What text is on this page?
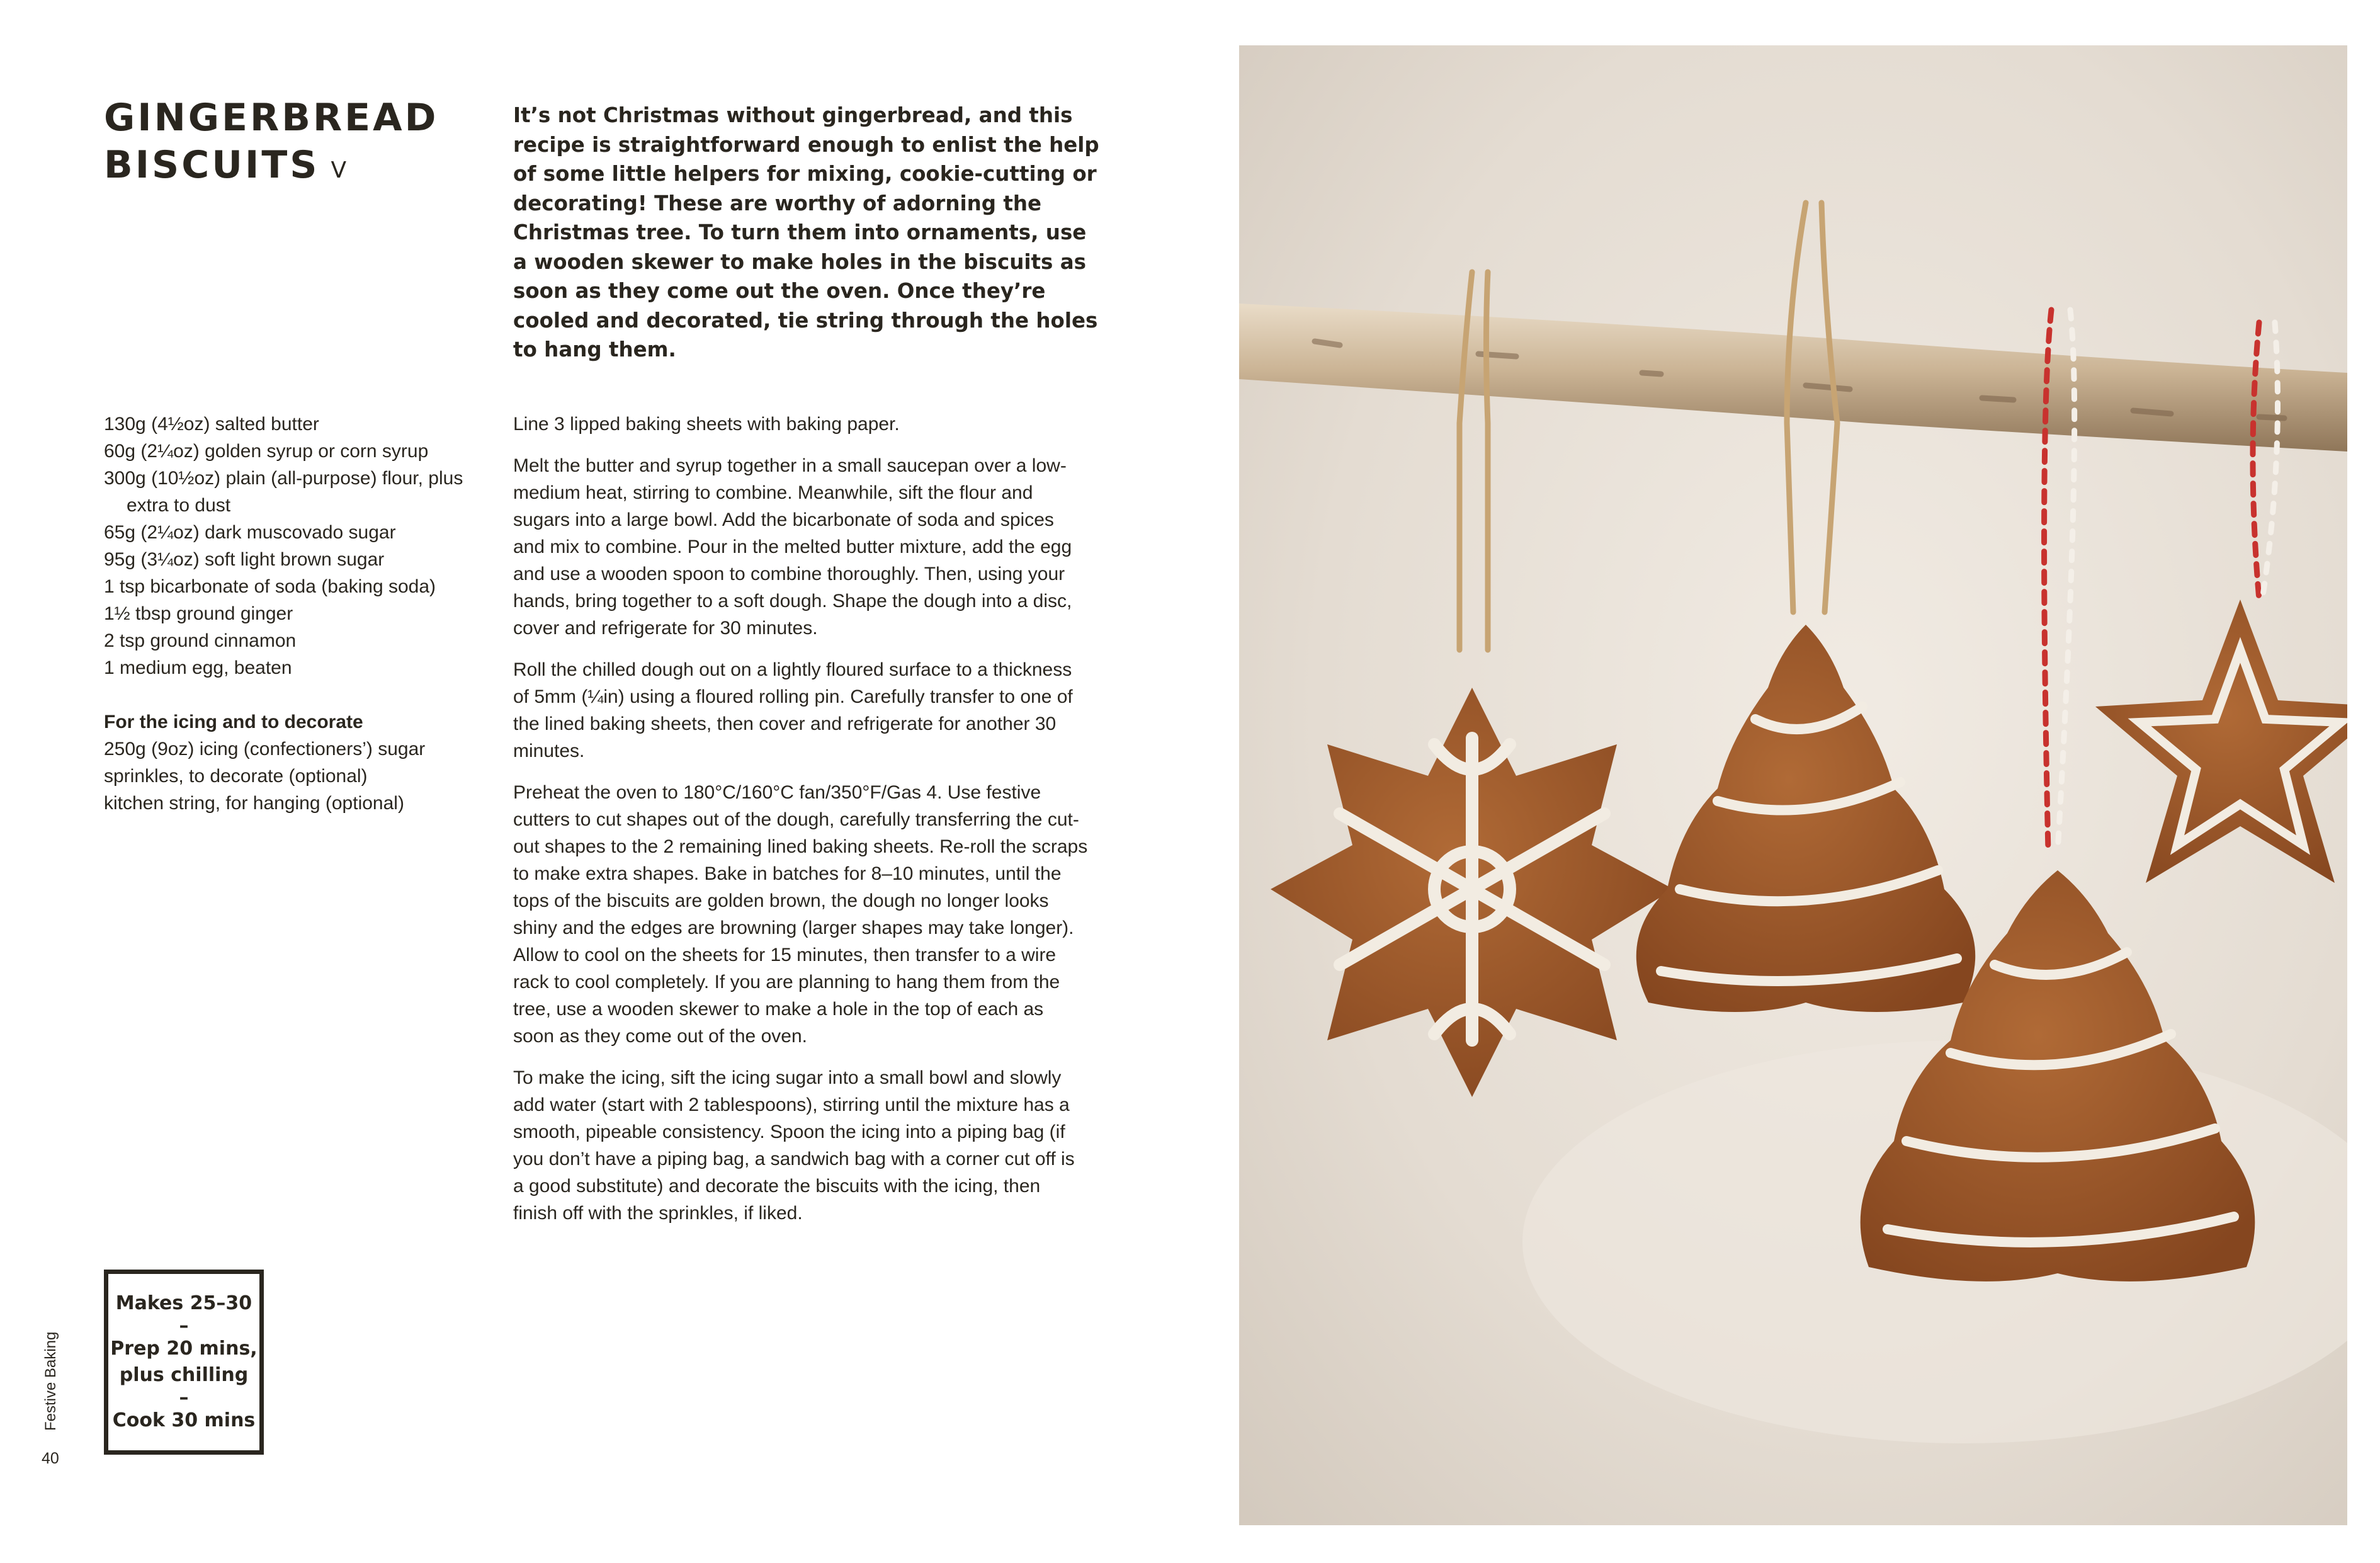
GINGERBREAD
BISCUITS V

It’s not Christmas without gingerbread, and this recipe is straightforward enough to enlist the help of some little helpers for mixing, cookie-cutting or decorating! These are worthy of adorning the Christmas tree. To turn them into ornaments, use a wooden skewer to make holes in the biscuits as soon as they come out the oven. Once they’re cooled and decorated, tie string through the holes to hang them.

130g (4½oz) salted butter
60g (2¼oz) golden syrup or corn syrup
300g (10½oz) plain (all-purpose) flour, plus extra to dust
65g (2¼oz) dark muscovado sugar
95g (3¼oz) soft light brown sugar
1 tsp bicarbonate of soda (baking soda)
1½ tbsp ground ginger
2 tsp ground cinnamon
1 medium egg, beaten

For the icing and to decorate

250g (9oz) icing (confectioners’) sugar
sprinkles, to decorate (optional)
kitchen string, for hanging (optional)

Line 3 lipped baking sheets with baking paper.

Melt the butter and syrup together in a small saucepan over a low-medium heat, stirring to combine. Meanwhile, sift the flour and sugars into a large bowl. Add the bicarbonate of soda and spices and mix to combine. Pour in the melted butter mixture, add the egg and use a wooden spoon to combine thoroughly. Then, using your hands, bring together to a soft dough. Shape the dough into a disc, cover and refrigerate for 30 minutes.

Roll the chilled dough out on a lightly floured surface to a thickness of 5mm (¼in) using a floured rolling pin. Carefully transfer to one of the lined baking sheets, then cover and refrigerate for another 30 minutes.

Preheat the oven to 180°C/160°C fan/350°F/Gas 4. Use festive cutters to cut shapes out of the dough, carefully transferring the cut-out shapes to the 2 remaining lined baking sheets. Re-roll the scraps to make extra shapes. Bake in batches for 8–10 minutes, until the tops of the biscuits are golden brown, the dough no longer looks shiny and the edges are browning (larger shapes may take longer). Allow to cool on the sheets for 15 minutes, then transfer to a wire rack to cool completely. If you are planning to hang them from the tree, use a wooden skewer to make a hole in the top of each as soon as they come out of the oven.

To make the icing, sift the icing sugar into a small bowl and slowly add water (start with 2 tablespoons), stirring until the mixture has a smooth, pipeable consistency. Spoon the icing into a piping bag (if you don’t have a piping bag, a sandwich bag with a corner cut off is a good substitute) and decorate the biscuits with the icing, then finish off with the sprinkles, if liked.

Makes 25–30
–
Prep 20 mins,
plus chilling
–
Cook 30 mins
Festive Baking
40
